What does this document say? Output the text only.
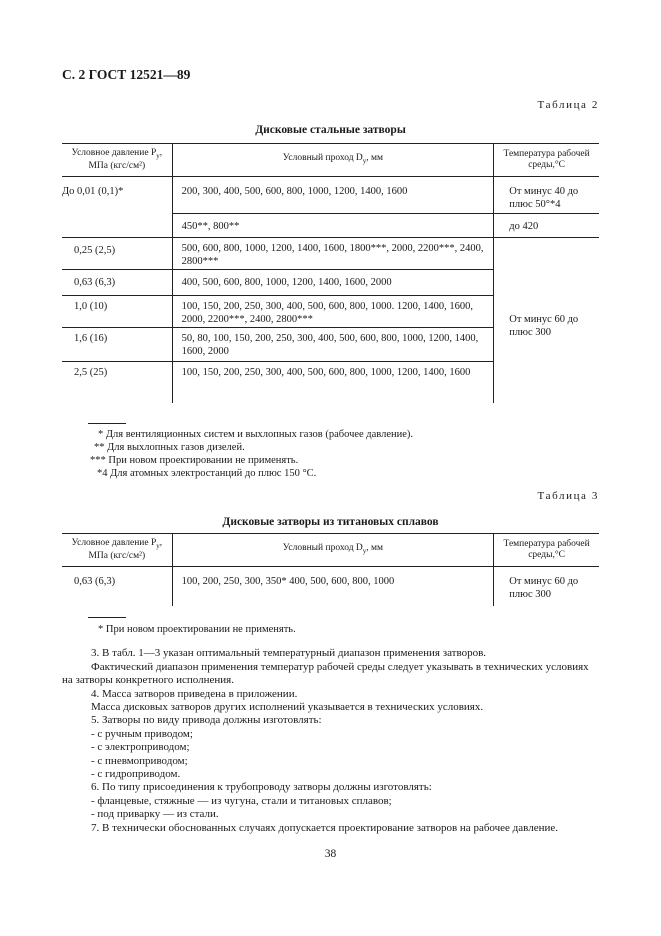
С. 2 ГОСТ 12521—89
Таблица 2
Дисковые стальные затворы
Условное давление $P_у$, МПа (кгс/см²)	Условный проход $D_у$, мм	Температура рабочей среды,°С

До 0,01 (0,1)*	200, 300, 400, 500, 600, 800, 1000, 1200, 1400, 1600	От минус 40 до плюс 50°*4

	450**, 800**	до 420

0,25 (2,5)	500, 600, 800, 1000, 1200, 1400, 1600, 1800***, 2000, 2200***, 2400, 2800***	От минус 60 до плюс 300

0,63 (6,3)	400, 500, 600, 800, 1000, 1200, 1400, 1600, 2000	

1,0 (10)	100, 150, 200, 250, 300, 400, 500, 600, 800, 1000. 1200, 1400, 1600, 2000, 2200***, 2400, 2800***	

1,6 (16)	50, 80, 100, 150, 200, 250, 300, 400, 500, 600, 800, 1000, 1200, 1400, 1600, 2000	

2,5 (25)	100, 150, 200, 250, 300, 400, 500, 600, 800, 1000, 1200, 1400, 1600	
* Для вентиляционных систем и выхлопных газов (рабочее давление).
** Для выхлопных газов дизелей.
*** При новом проектировании не применять.
*4 Для атомных электростанций до плюс 150 °С.
Таблица 3
Дисковые затворы из титановых сплавов
Условное давление $P_у$, МПа (кгс/см²)	Условный проход $D_у$, мм	Температура рабочей среды,°С

0,63 (6,3)	100, 200, 250, 300, 350* 400, 500, 600, 800, 1000	От минус 60 до плюс 300
* При новом проектировании не применять.
3. В табл. 1—3 указан оптимальный температурный диапазон применения затворов.
Фактический диапазон применения температур рабочей среды следует указывать в технических условиях на затворы конкретного исполнения.
4. Масса затворов приведена в приложении.
Масса дисковых затворов других исполнений указывается в технических условиях.
5. Затворы по виду привода должны изготовлять:
- с ручным приводом;
- с электроприводом;
- с пневмоприводом;
- с гидроприводом.
6. По типу присоединения к трубопроводу затворы должны изготовлять:
- фланцевые, стяжные — из чугуна, стали и титановых сплавов;
- под приварку — из стали.
7. В технически обоснованных случаях допускается проектирование затворов на рабочее давление.
38
